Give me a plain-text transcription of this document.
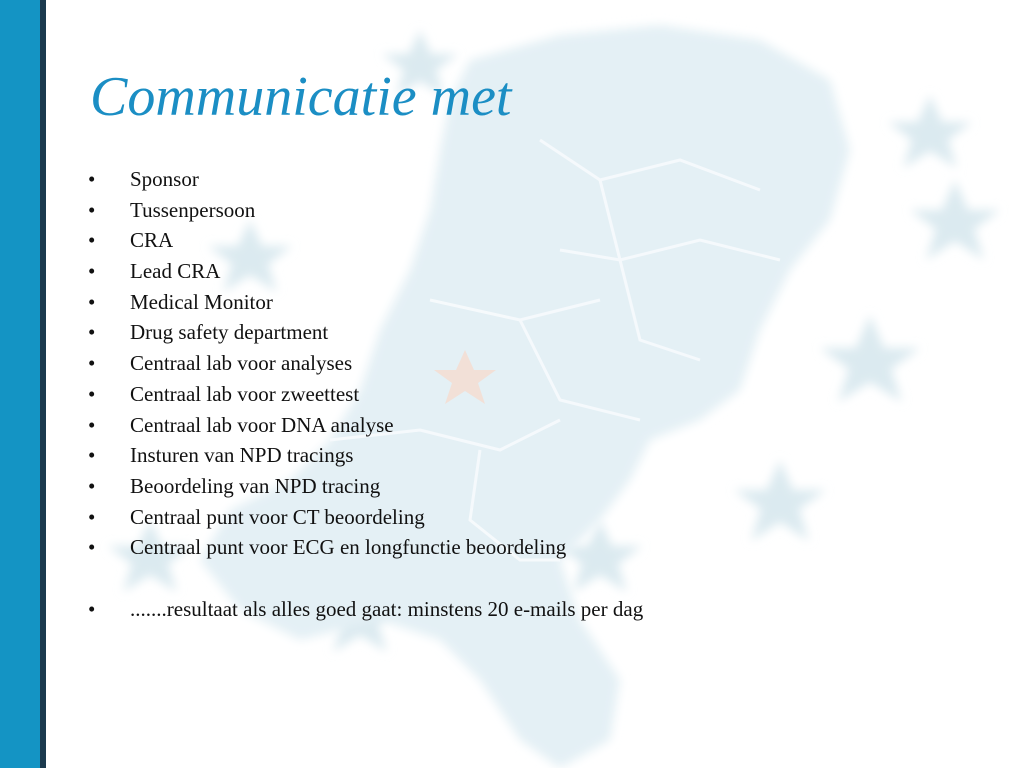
Communicatie met
• Sponsor
• Tussenpersoon
• CRA
• Lead CRA
• Medical Monitor
• Drug safety department
• Centraal lab voor analyses
• Centraal lab voor zweettest
• Centraal lab voor DNA analyse
• Insturen van NPD tracings
• Beoordeling van NPD tracing
• Centraal punt voor CT beoordeling
• Centraal punt voor ECG en longfunctie beoordeling
• .......resultaat als alles goed gaat: minstens 20 e-mails per dag
